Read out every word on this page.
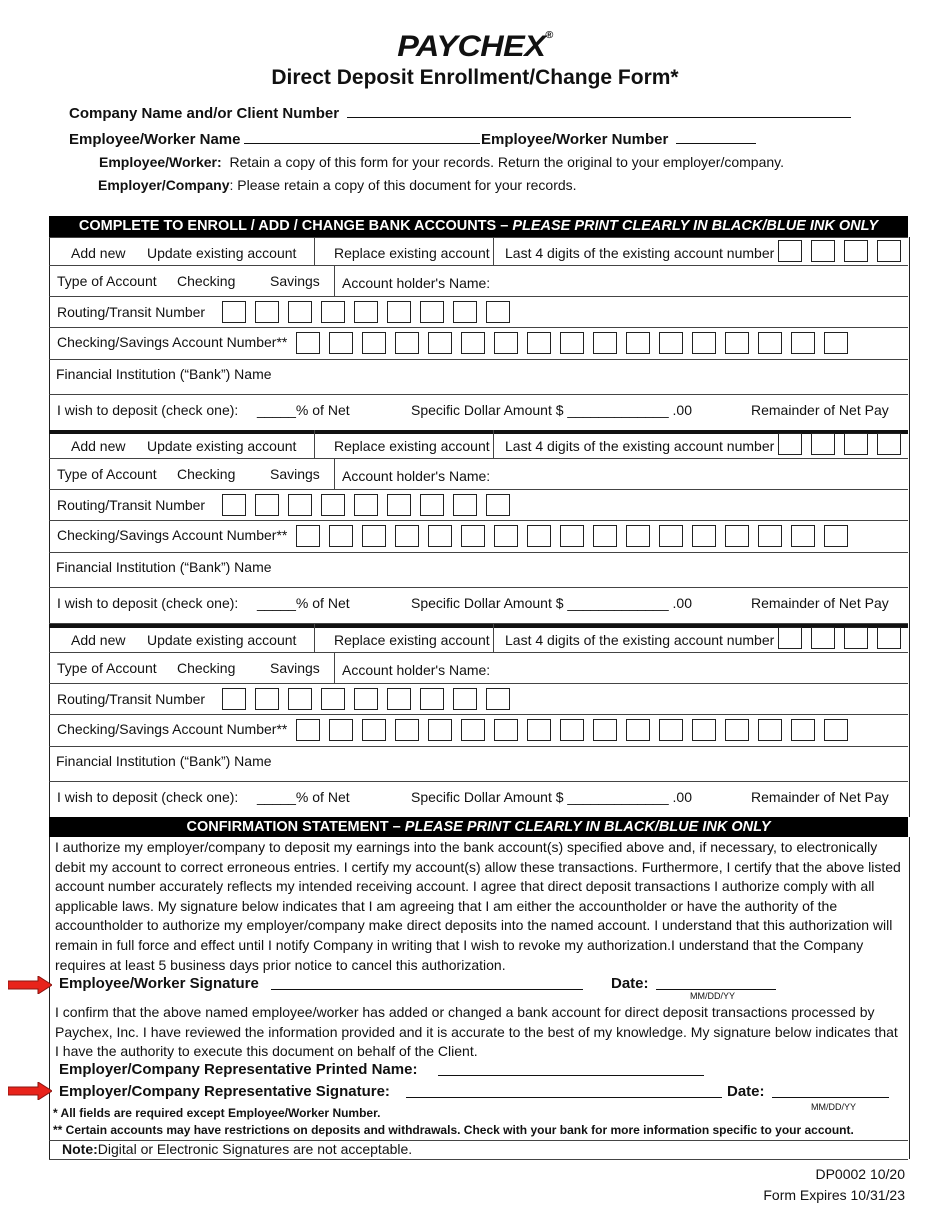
PAYCHEX®
Direct Deposit Enrollment/Change Form*
Company Name and/or Client Number
Employee/Worker Name	Employee/Worker Number
Employee/Worker: Retain a copy of this form for your records. Return the original to your employer/company.
Employer/Company: Please retain a copy of this document for your records.
COMPLETE TO ENROLL / ADD / CHANGE BANK ACCOUNTS – PLEASE PRINT CLEARLY IN BLACK/BLUE INK ONLY
Add new Update existing account	Replace existing account Last 4 digits of the existing account number
Type of Account Checking Savings Account holder's Name:
Routing/Transit Number
Checking/Savings Account Number**
Financial Institution (“Bank”) Name
I wish to deposit (check one): _____% of Net	Specific Dollar Amount $ _____________ .00	Remainder of Net Pay
Add new Update existing account	Replace existing account Last 4 digits of the existing account number
Type of Account Checking Savings Account holder's Name:
Routing/Transit Number
Checking/Savings Account Number**
Financial Institution (“Bank”) Name
I wish to deposit (check one): _____% of Net	Specific Dollar Amount $ _____________ .00	Remainder of Net Pay
Add new Update existing account	Replace existing account Last 4 digits of the existing account number
Type of Account Checking Savings Account holder's Name:
Routing/Transit Number
Checking/Savings Account Number**
Financial Institution (“Bank”) Name
I wish to deposit (check one): _____% of Net	Specific Dollar Amount $ _____________ .00	Remainder of Net Pay
CONFIRMATION STATEMENT – PLEASE PRINT CLEARLY IN BLACK/BLUE INK ONLY
I authorize my employer/company to deposit my earnings into the bank account(s) specified above and, if necessary, to electronically
debit my account to correct erroneous entries. I certify my account(s) allow these transactions. Furthermore, I certify that the above listed
account number accurately reflects my intended receiving account. I agree that direct deposit transactions I authorize comply with all
applicable laws. My signature below indicates that I am agreeing that I am either the accountholder or have the authority of the
accountholder to authorize my employer/company make direct deposits into the named account. I understand that this authorization will
remain in full force and effect until I notify Company in writing that I wish to revoke my authorization.I understand that the Company
requires at least 5 business days prior notice to cancel this authorization.
Employee/Worker Signature	Date:
MM/DD/YY
I confirm that the above named employee/worker has added or changed a bank account for direct deposit transactions processed by
Paychex, Inc. I have reviewed the information provided and it is accurate to the best of my knowledge. My signature below indicates that
I have the authority to execute this document on behalf of the Client.
Employer/Company Representative Printed Name:
Employer/Company Representative Signature:	Date:
MM/DD/YY
* All fields are required except Employee/Worker Number.
** Certain accounts may have restrictions on deposits and withdrawals. Check with your bank for more information specific to your account.
Note:Digital or Electronic Signatures are not acceptable.
DP0002 10/20
Form Expires 10/31/23
